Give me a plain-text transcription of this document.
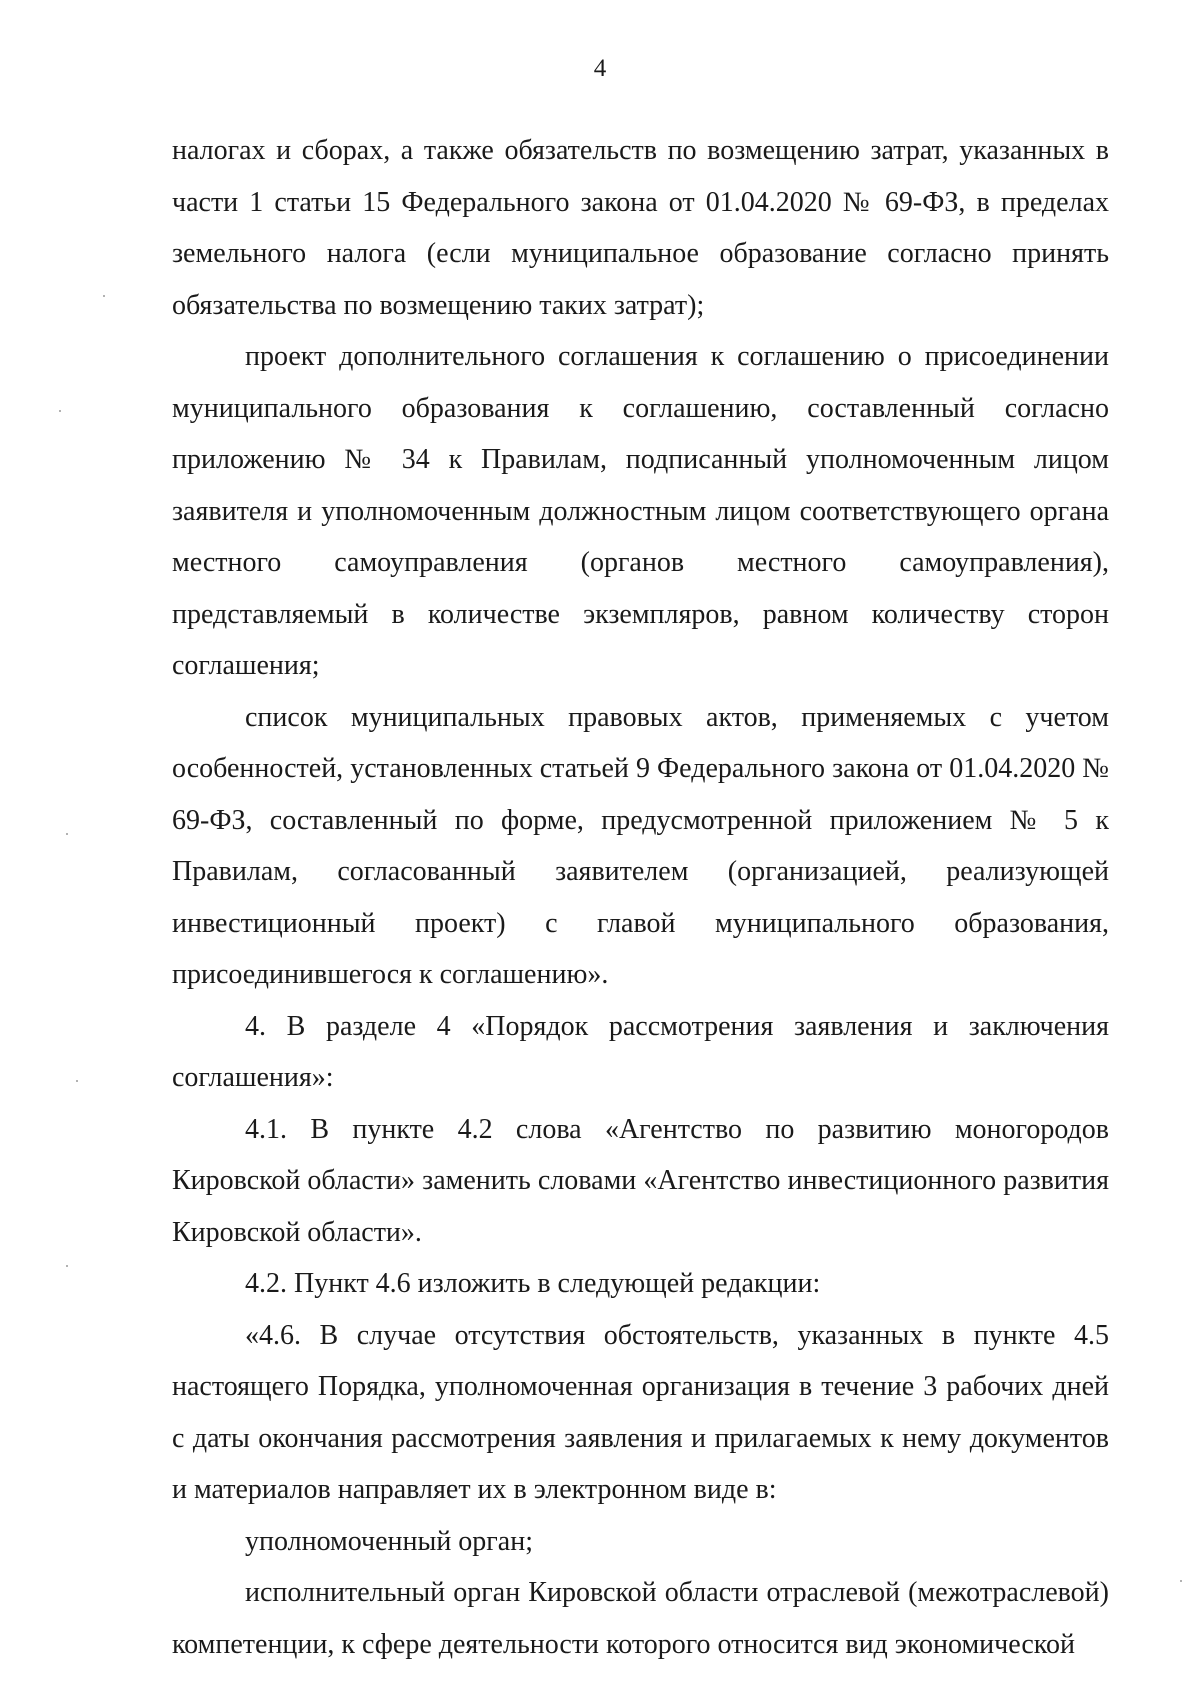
4

налогах и сборах, а также обязательств по возмещению затрат, указанных в части 1 статьи 15 Федерального закона от 01.04.2020 № 69-ФЗ, в пределах земельного налога (если муниципальное образование согласно принять обязательства по возмещению таких затрат);

проект дополнительного соглашения к соглашению о присоединении муниципального образования к соглашению, составленный согласно приложению № 34 к Правилам, подписанный уполномоченным лицом заявителя и уполномоченным должностным лицом соответствующего органа местного самоуправления (органов местного самоуправления), представляемый в количестве экземпляров, равном количеству сторон соглашения;

список муниципальных правовых актов, применяемых с учетом особенностей, установленных статьей 9 Федерального закона от 01.04.2020 № 69-ФЗ, составленный по форме, предусмотренной приложением № 5 к Правилам, согласованный заявителем (организацией, реализующей инвестиционный проект) с главой муниципального образования, присоединившегося к соглашению».

4. В разделе 4 «Порядок рассмотрения заявления и заключения соглашения»:

4.1. В пункте 4.2 слова «Агентство по развитию моногородов Кировской области» заменить словами «Агентство инвестиционного развития Кировской области».

4.2. Пункт 4.6 изложить в следующей редакции:

«4.6. В случае отсутствия обстоятельств, указанных в пункте 4.5 настоящего Порядка, уполномоченная организация в течение 3 рабочих дней с даты окончания рассмотрения заявления и прилагаемых к нему документов и материалов направляет их в электронном виде в:

уполномоченный орган;

исполнительный орган Кировской области отраслевой (межотраслевой) компетенции, к сфере деятельности которого относится вид экономической
